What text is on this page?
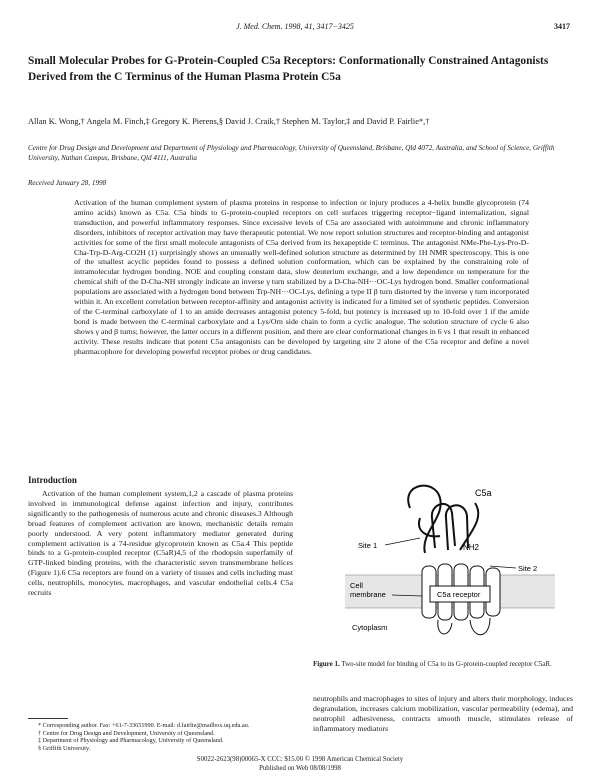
J. Med. Chem. 1998, 41, 3417−3425	3417
Small Molecular Probes for G-Protein-Coupled C5a Receptors: Conformationally Constrained Antagonists Derived from the C Terminus of the Human Plasma Protein C5a
Allan K. Wong,† Angela M. Finch,‡ Gregory K. Pierens,§ David J. Craik,† Stephen M. Taylor,‡ and David P. Fairlie*,†
Centre for Drug Design and Development and Department of Physiology and Pharmacology, University of Queensland, Brisbane, Qld 4072, Australia, and School of Science, Griffith University, Nathan Campus, Brisbane, Qld 4111, Australia
Received January 28, 1998
Activation of the human complement system of plasma proteins in response to infection or injury produces a 4-helix bundle glycoprotein (74 amino acids) known as C5a. C5a binds to G-protein-coupled receptors on cell surfaces triggering receptor−ligand internalization, signal transduction, and powerful inflammatory responses. Since excessive levels of C5a are associated with autoimmune and chronic inflammatory disorders, inhibitors of receptor activation may have therapeutic potential. We now report solution structures and receptor-binding and antagonist activities for some of the first small molecule antagonists of C5a derived from its hexapeptide C terminus. The antagonist NMe-Phe-Lys-Pro-D-Cha-Trp-D-Arg-CO2H (1) surprisingly shows an unusually well-defined solution structure as determined by 1H NMR spectroscopy. This is one of the smallest acyclic peptides found to possess a defined solution conformation, which can be explained by the constraining role of intramolecular hydrogen bonding. NOE and coupling constant data, slow deuterium exchange, and a low dependence on temperature for the chemical shift of the D-Cha-NH strongly indicate an inverse γ turn stabilized by a D-Cha-NH···OC-Lys hydrogen bond. Smaller conformational populations are associated with a hydrogen bond between Trp-NH···OC-Lys, defining a type II β turn distorted by the inverse γ turn incorporated within it. An excellent correlation between receptor-affinity and antagonist activity is indicated for a limited set of synthetic peptides. Conversion of the C-terminal carboxylate of 1 to an amide decreases antagonist potency 5-fold, but potency is increased up to 10-fold over 1 if the amide bond is made between the C-terminal carboxylate and a Lys/Orn side chain to form a cyclic analogue. The solution structure of cycle 6 also shows γ and β turns; however, the latter occurs in a different position, and there are clear conformational changes in 6 vs 1 that result in enhanced activity. These results indicate that potent C5a antagonists can be developed by targeting site 2 alone of the C5a receptor and define a novel pharmacophore for developing powerful receptor probes or drug candidates.
Introduction
Activation of the human complement system,1,2 a cascade of plasma proteins involved in immunological defense against infection and injury, contributes significantly to the pathogenesis of numerous acute and chronic diseases.3 Although broad features of complement activation are known, mechanistic details remain poorly understood. A very potent inflammatory mediator generated during complement activation is a 74-residue glycoprotein known as C5a.4 This peptide binds to a G-protein-coupled receptor (C5aR)4,5 of the rhodopsin superfamily of GTP-linked binding proteins, with the characteristic seven transmembrane helices (Figure 1).6 C5a receptors are found on a variety of tissues and cells including mast cells, neutrophils, monocytes, macrophages, and vascular endothelial cells.4 C5a recruits
C5a
NH2
Site 1
Site 2
C5a receptor
Cell
membrane
Cytoplasm
Figure 1. Two-site model for binding of C5a to its G-protein-coupled receptor C5aR.
neutrophils and macrophages to sites of injury and alters their morphology, induces degranulation, increases calcium mobilization, vascular permeability (edema), and neutrophil adhesiveness, contracts smooth muscle, stimulates release of inflammatory mediators
* Corresponding author. Fax: +61-7-33651990. E-mail: d.fairlie@mailbox.uq.edu.au.
† Centre for Drug Design and Development, University of Queensland.
‡ Department of Physiology and Pharmacology, University of Queensland.
§ Griffith University.
S0022-2623(98)00065-X CCC: $15.00 © 1998 American Chemical Society
Published on Web 08/08/1998
